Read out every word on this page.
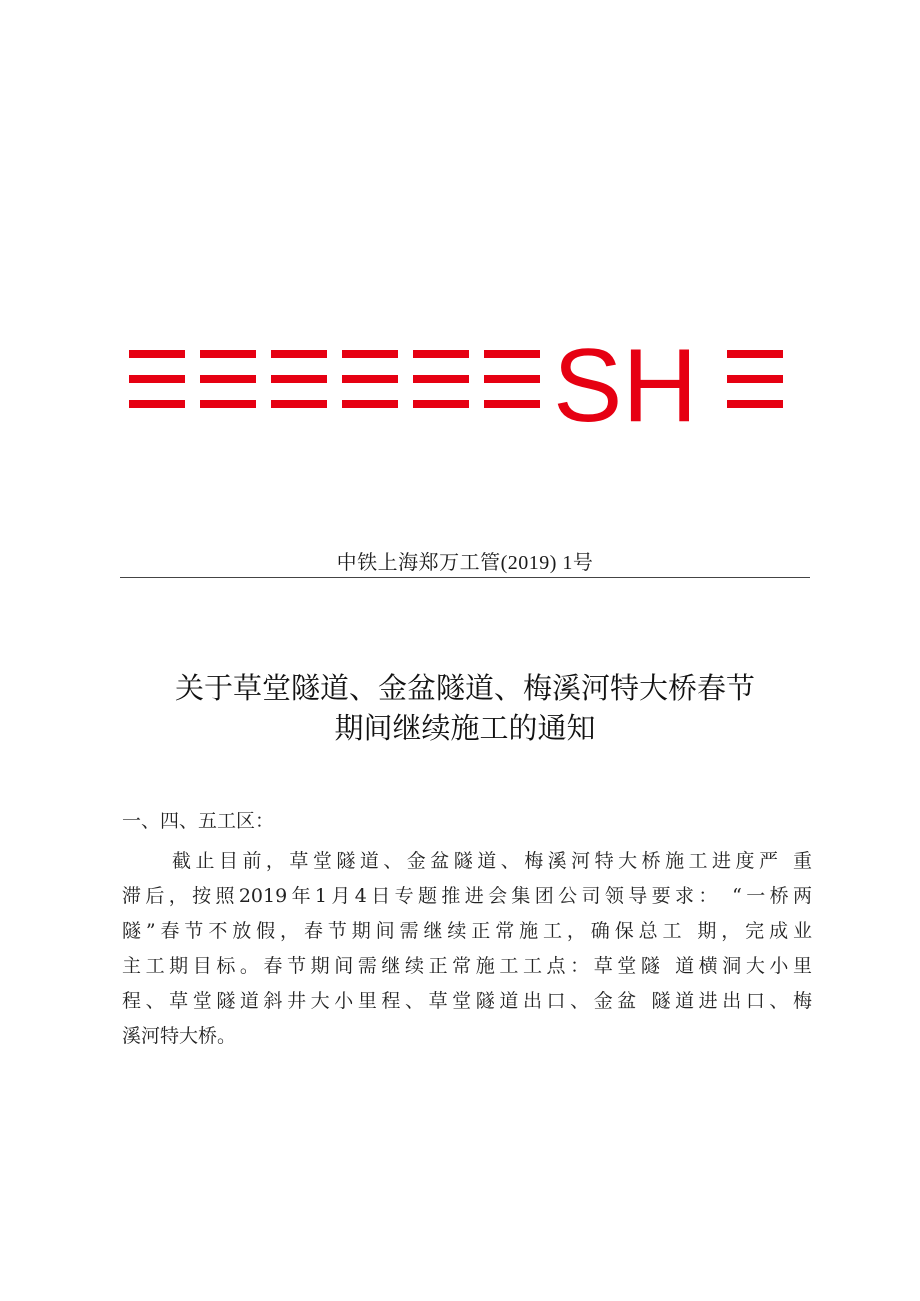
SH
中铁上海郑万工管(2019) 1号
关于草堂隧道、金盆隧道、梅溪河特大桥春节
期间继续施工的通知
一、四、五工区：
截止目前，草堂隧道、金盆隧道、梅溪河特大桥施工进度严 重
滞后，按照2019年1月4日专题推进会集团公司领导要求： “一桥两
隧”春节不放假，春节期间需继续正常施工，确保总工 期，完成业
主工期目标。春节期间需继续正常施工工点：草堂隧 道横洞大小里
程、草堂隧道斜井大小里程、草堂隧道出口、金盆 隧道进出口、梅
溪河特大桥。
